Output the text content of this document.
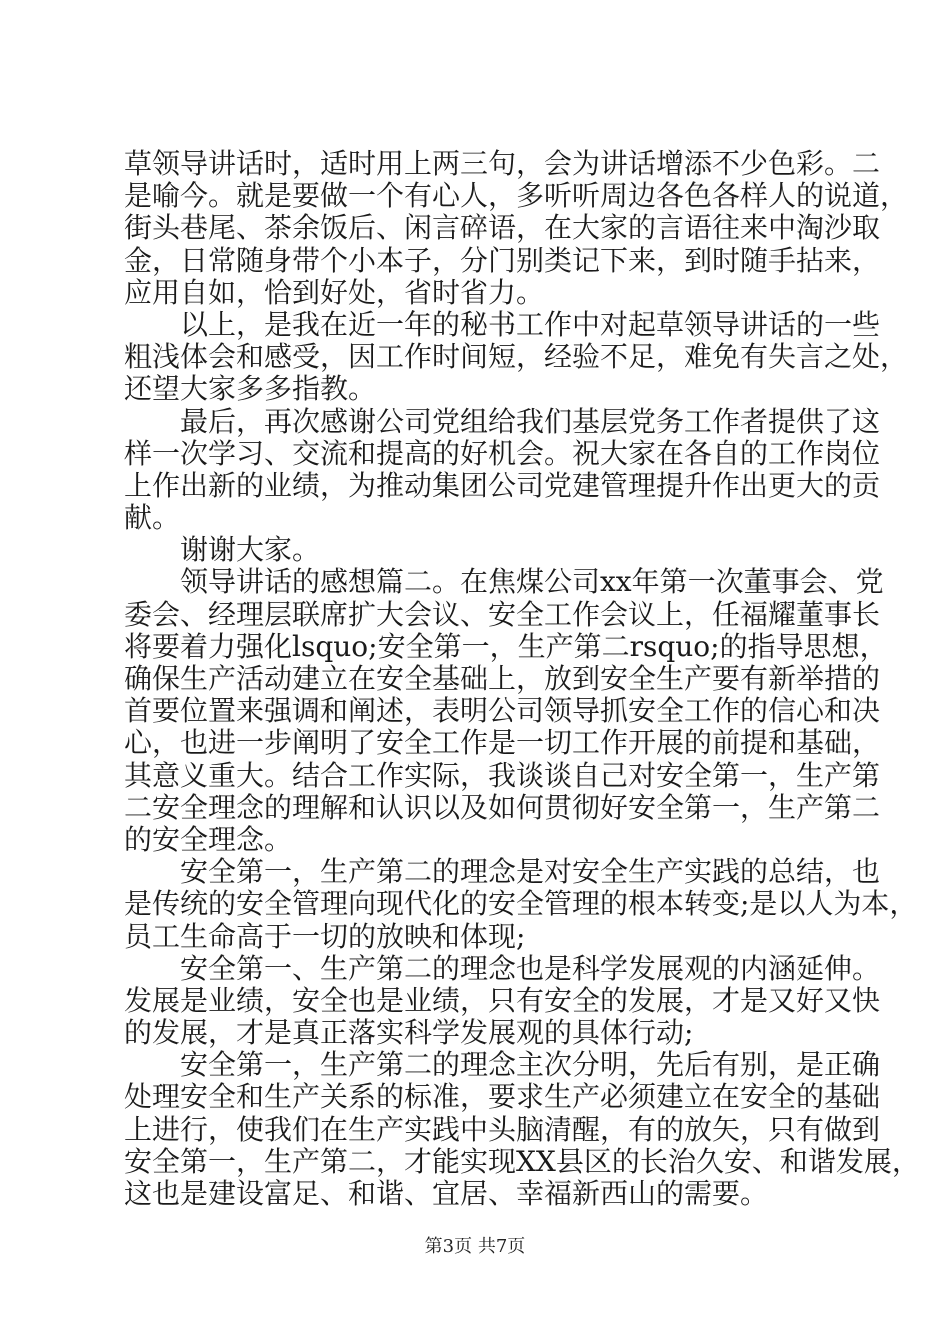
草领导讲话时，适时用上两三句，会为讲话增添不少色彩。二
是喻今。就是要做一个有心人，多听听周边各色各样人的说道，
街头巷尾、茶余饭后、闲言碎语，在大家的言语往来中淘沙取
金，日常随身带个小本子，分门别类记下来，到时随手拈来，
应用自如，恰到好处，省时省力。
　　以上，是我在近一年的秘书工作中对起草领导讲话的一些
粗浅体会和感受，因工作时间短，经验不足，难免有失言之处，
还望大家多多指教。
　　最后，再次感谢公司党组给我们基层党务工作者提供了这
样一次学习、交流和提高的好机会。祝大家在各自的工作岗位
上作出新的业绩，为推动集团公司党建管理提升作出更大的贡
献。
　　谢谢大家。
　　领导讲话的感想篇二。在焦煤公司xx年第一次董事会、党
委会、经理层联席扩大会议、安全工作会议上，任福耀董事长
将要着力强化lsquo;安全第一，生产第二rsquo;的指导思想，
确保生产活动建立在安全基础上，放到安全生产要有新举措的
首要位置来强调和阐述，表明公司领导抓安全工作的信心和决
心，也进一步阐明了安全工作是一切工作开展的前提和基础，
其意义重大。结合工作实际，我谈谈自己对安全第一，生产第
二安全理念的理解和认识以及如何贯彻好安全第一，生产第二
的安全理念。
　　安全第一，生产第二的理念是对安全生产实践的总结，也
是传统的安全管理向现代化的安全管理的根本转变;是以人为本，
员工生命高于一切的放映和体现;
　　安全第一、生产第二的理念也是科学发展观的内涵延伸。
发展是业绩，安全也是业绩，只有安全的发展，才是又好又快
的发展，才是真正落实科学发展观的具体行动;
　　安全第一，生产第二的理念主次分明，先后有别，是正确
处理安全和生产关系的标准，要求生产必须建立在安全的基础
上进行，使我们在生产实践中头脑清醒，有的放矢，只有做到
安全第一，生产第二，才能实现XX县区的长治久安、和谐发展，
这也是建设富足、和谐、宜居、幸福新西山的需要。
第3页 共7页
